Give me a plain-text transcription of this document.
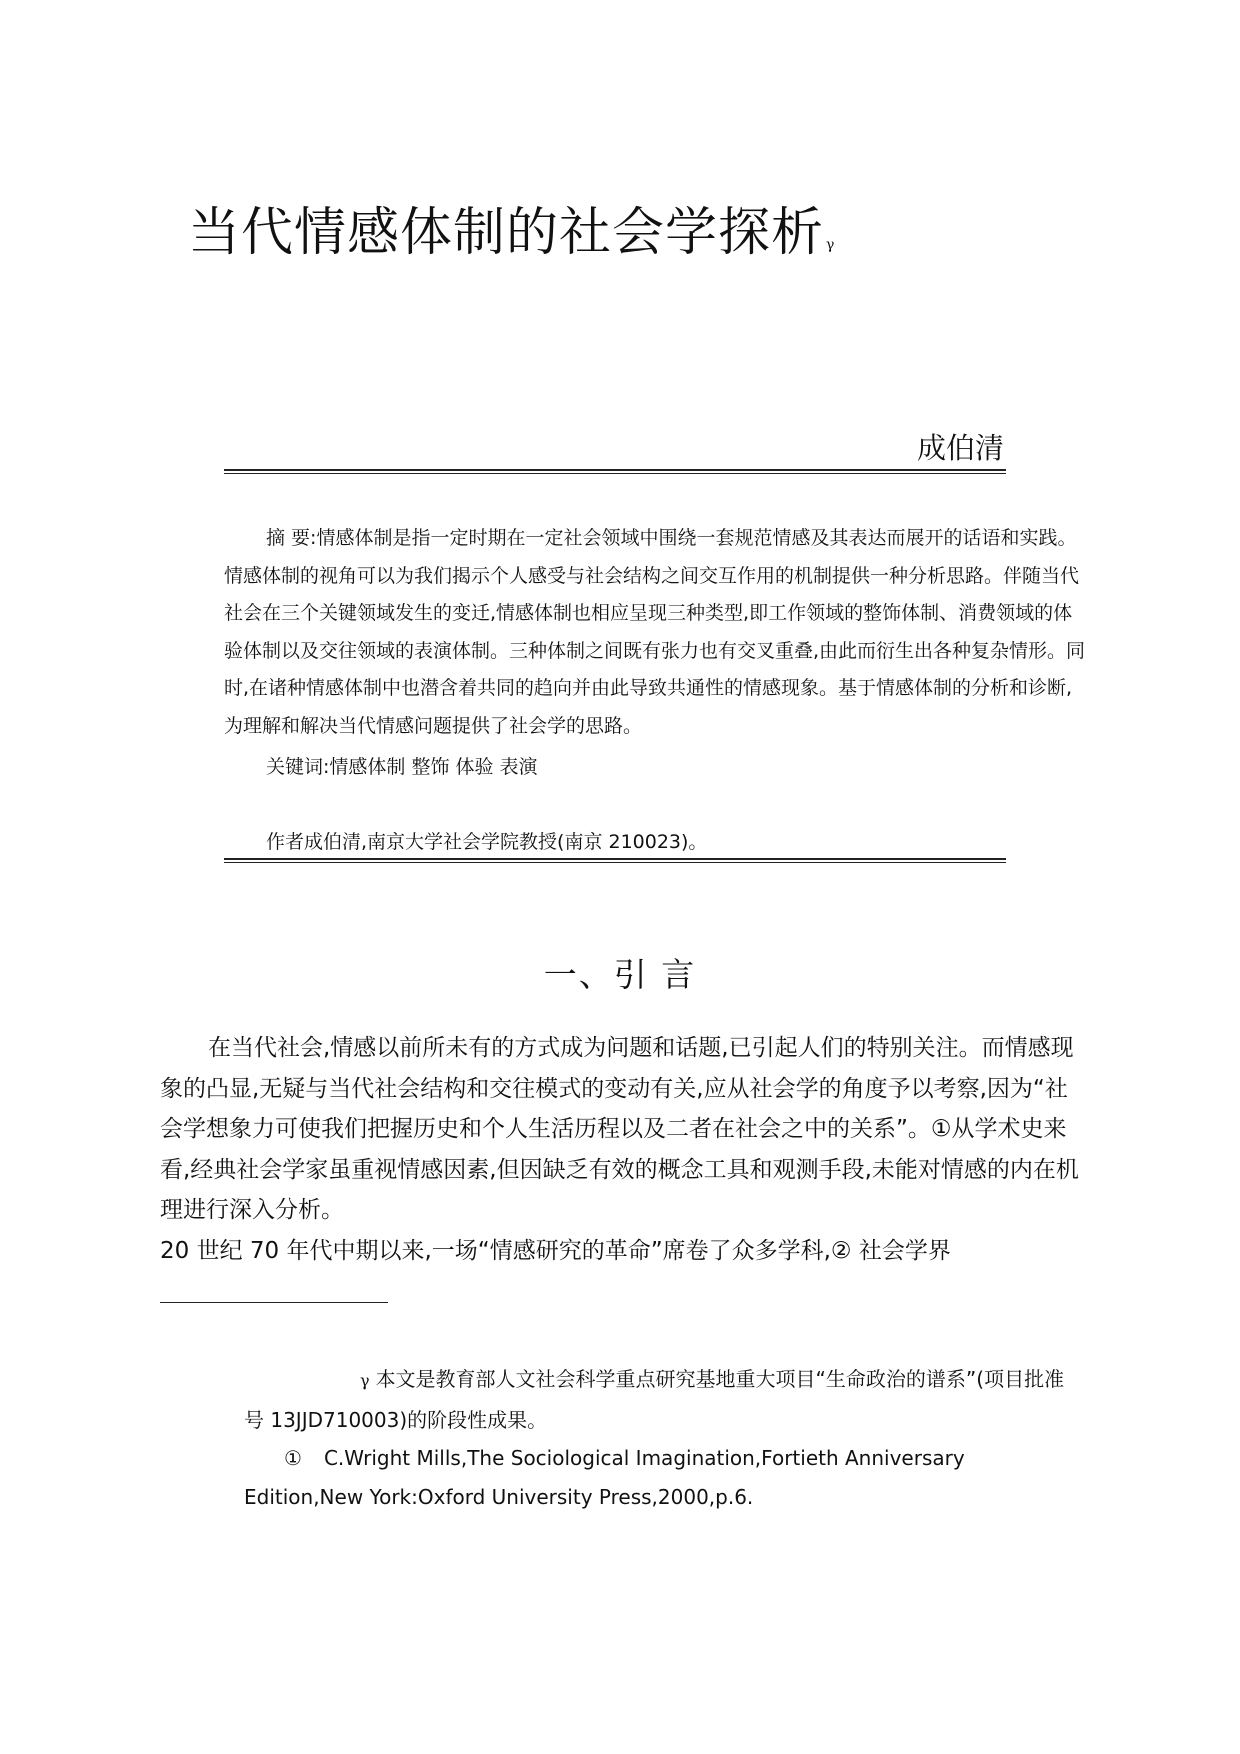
当代情感体制的社会学探析 $^\gamma$
成伯清

摘 要:情感体制是指一定时期在一定社会领域中围绕一套规范情感及其表达而展开的话语和实践。情感体制的视角可以为我们揭示个人感受与社会结构之间交互作用的机制提供一种分析思路。伴随当代社会在三个关键领域发生的变迁,情感体制也相应呈现三种类型,即工作领域的整饰体制、消费领域的体验体制以及交往领域的表演体制。三种体制之间既有张力也有交叉重叠,由此而衍生出各种复杂情形。同时,在诸种情感体制中也潜含着共同的趋向并由此导致共通性的情感现象。基于情感体制的分析和诊断,为理解和解决当代情感问题提供了社会学的思路。

关键词:情感体制 整饰 体验 表演
作者成伯清,南京大学社会学院教授(南京 210023)。
一、引 言

在当代社会,情感以前所未有的方式成为问题和话题,已引起人们的特别关注。而情感现象的凸显,无疑与当代社会结构和交往模式的变动有关,应从社会学的角度予以考察,因为“社会学想象力可使我们把握历史和个人生活历程以及二者在社会之中的关系”。①从学术史来看,经典社会学家虽重视情感因素,但因缺乏有效的概念工具和观测手段,未能对情感的内在机理进行深入分析。

20 世纪 70 年代中期以来,一场“情感研究的革命”席卷了众多学科,② 社会学界

γ 本文是教育部人文社会科学重点研究基地重大项目“生命政治的谱系”(项目批准号 13JJD710003)的阶段性成果。

① C.Wright Mills,The Sociological Imagination,Fortieth Anniversary Edition,New York:Oxford University Press,2000,p.6.
